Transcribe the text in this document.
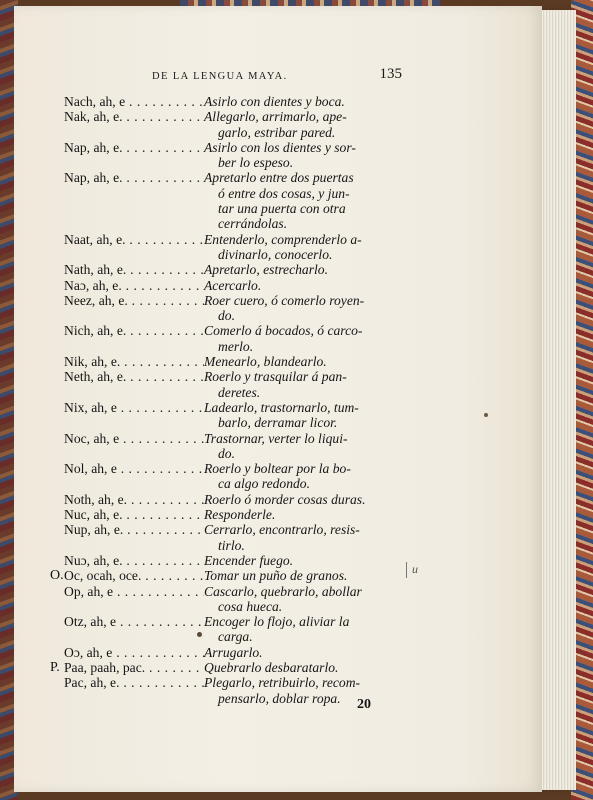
DE LA LENGUA MAYA.	135
Nach, ah, e . . .	Asirlo con dientes y boca.
Nak, ah, e. . . .	Allegarlo, arrimarlo, ape-
garlo, estribar pared.
Nap, ah, e. . . .	Asirlo con los dientes y sor-
ber lo espeso.
Nap, ah, e. . . .	Apretarlo entre dos puertas
ó entre dos cosas, y jun-
tar una puerta con otra
cerrándolas.
Naat, ah, e. . . .	Entenderlo, comprenderlo a-
divinarlo, conocerlo.
Nath, ah, e. . . .	Apretarlo, estrecharlo.
Naɔ, ah, e. . . .	Acercarlo.
Neez, ah, e. . . .	Roer cuero, ó comerlo royen-
do.
Nich, ah, e. . . .	Comerlo á bocados, ó carco-
merlo.
Nik, ah, e. . . .	Menearlo, blandearlo.
Neth, ah, e. . . .	Roerlo y trasquilar á pan-
deretes.
Nix, ah, e . . .	Ladearlo, trastornarlo, tum-
barlo, derramar licor.
Noc, ah, e . . .	Trastornar, verter lo liqui-
do.
Nol, ah, e . . .	Roerlo y boltear por la bo-
ca algo redondo.
Noth, ah, e. . . .	Roerlo ó morder cosas duras.
Nuc, ah, e. . . .	Responderle.
Nup, ah, e. . . .	Cerrarlo, encontrarlo, resis-
tirlo.
Nuɔ, ah, e. . . .	Encender fuego.
O. Oc, ocah, oce. . . .	Tomar un puño de granos.
Op, ah, e . . .	Cascarlo, quebrarlo, abollar
cosa hueca.
Otz, ah, e . . .	Encoger lo flojo, aliviar la
carga.
Oɔ, ah, e . . .	Arrugarlo.
P. Paa, paah, pac. . . .	Quebrarlo desbaratarlo.
Pac, ah, e. . . .	Plegarlo, retribuirlo, recom-
pensarlo, doblar ropa.	20
u
